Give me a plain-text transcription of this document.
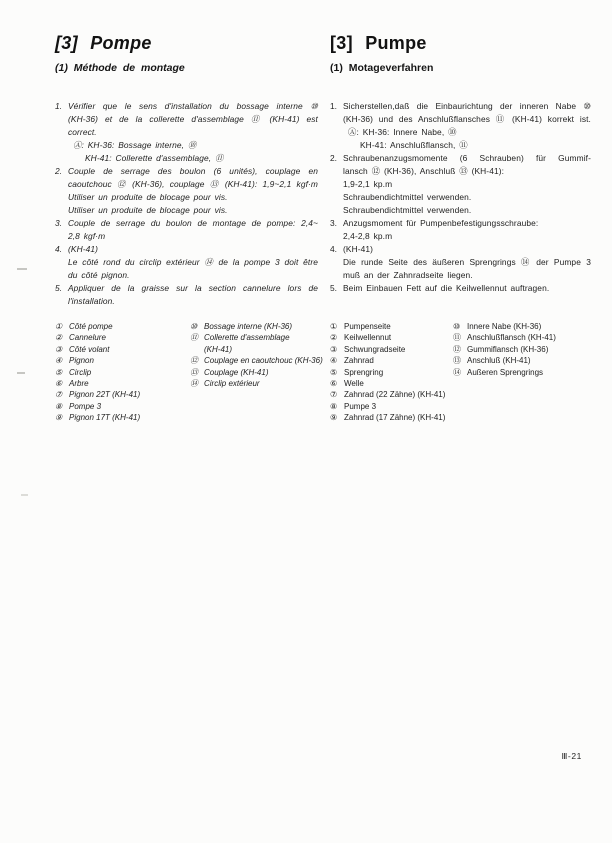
[3] Pompe
(1) Méthode de montage
1. Vérifier que le sens d'installation du bossage interne ⑩
(KH-36) et de la collerette d'assemblage ⑪ (KH-41) est
correct.
Ⓐ: KH-36: Bossage interne, ⑩
KH-41: Collerette d'assemblage, ⑪
2. Couple de serrage des boulon (6 unités), couplage en
caoutchouc ⑫ (KH-36), couplage ⑬ (KH-41): 1,9~2,1 kgf·m
Utiliser un produite de blocage pour vis.
Utiliser un produite de blocage pour vis.
3. Couple de serrage du boulon de montage de pompe: 2,4~
2,8 kgf·m
4. (KH-41)
Le côté rond du circlip extérieur ⑭ de la pompe 3 doit être
du côté pignon.
5. Appliquer de la graisse sur la section cannelure lors de
l'installation.
① Côté pompe
② Cannelure
③ Côté volant
④ Pignon
⑤ Circlip
⑥ Arbre
⑦ Pignon 22T (KH-41)
⑧ Pompe 3
⑨ Pignon 17T (KH-41)
⑩ Bossage interne (KH-36)
⑪ Collerette d'assemblage
(KH-41)
⑫ Couplage en caoutchouc (KH-36)
⑬ Couplage (KH-41)
⑭ Circlip extérieur
[3] Pumpe
(1) Motageverfahren
1. Sicherstellen,daß die Einbaurichtung der inneren Nabe ⑩
(KH-36) und des Anschlußflansches ⑪ (KH-41) korrekt ist.
Ⓐ: KH-36: Innere Nabe, ⑩
KH-41: Anschlußflansch, ⑪
2. Schraubenanzugsmomente (6 Schrauben) für Gummif-
lansch ⑫ (KH-36), Anschluß ⑬ (KH-41):
1,9-2,1 kp.m
Schraubendichtmittel verwenden.
Schraubendichtmittel verwenden.
3. Anzugsmoment für Pumpenbefestigungsschraube:
2,4-2,8 kp.m
4. (KH-41)
Die runde Seite des äußeren Sprengrings ⑭ der Pumpe 3
muß an der Zahnradseite liegen.
5. Beim Einbauen Fett auf die Keilwellennut auftragen.
① Pumpenseite
② Keilwellennut
③ Schwungradseite
④ Zahnrad
⑤ Sprengring
⑥ Welle
⑦ Zahnrad (22 Zähne) (KH-41)
⑧ Pumpe 3
⑨ Zahnrad (17 Zähne) (KH-41)
⑩ Innere Nabe (KH-36)
⑪ Anschlußflansch (KH-41)
⑫ Gummiflansch (KH-36)
⑬ Anschluß (KH-41)
⑭ Außeren Sprengrings
Ⅲ-21
